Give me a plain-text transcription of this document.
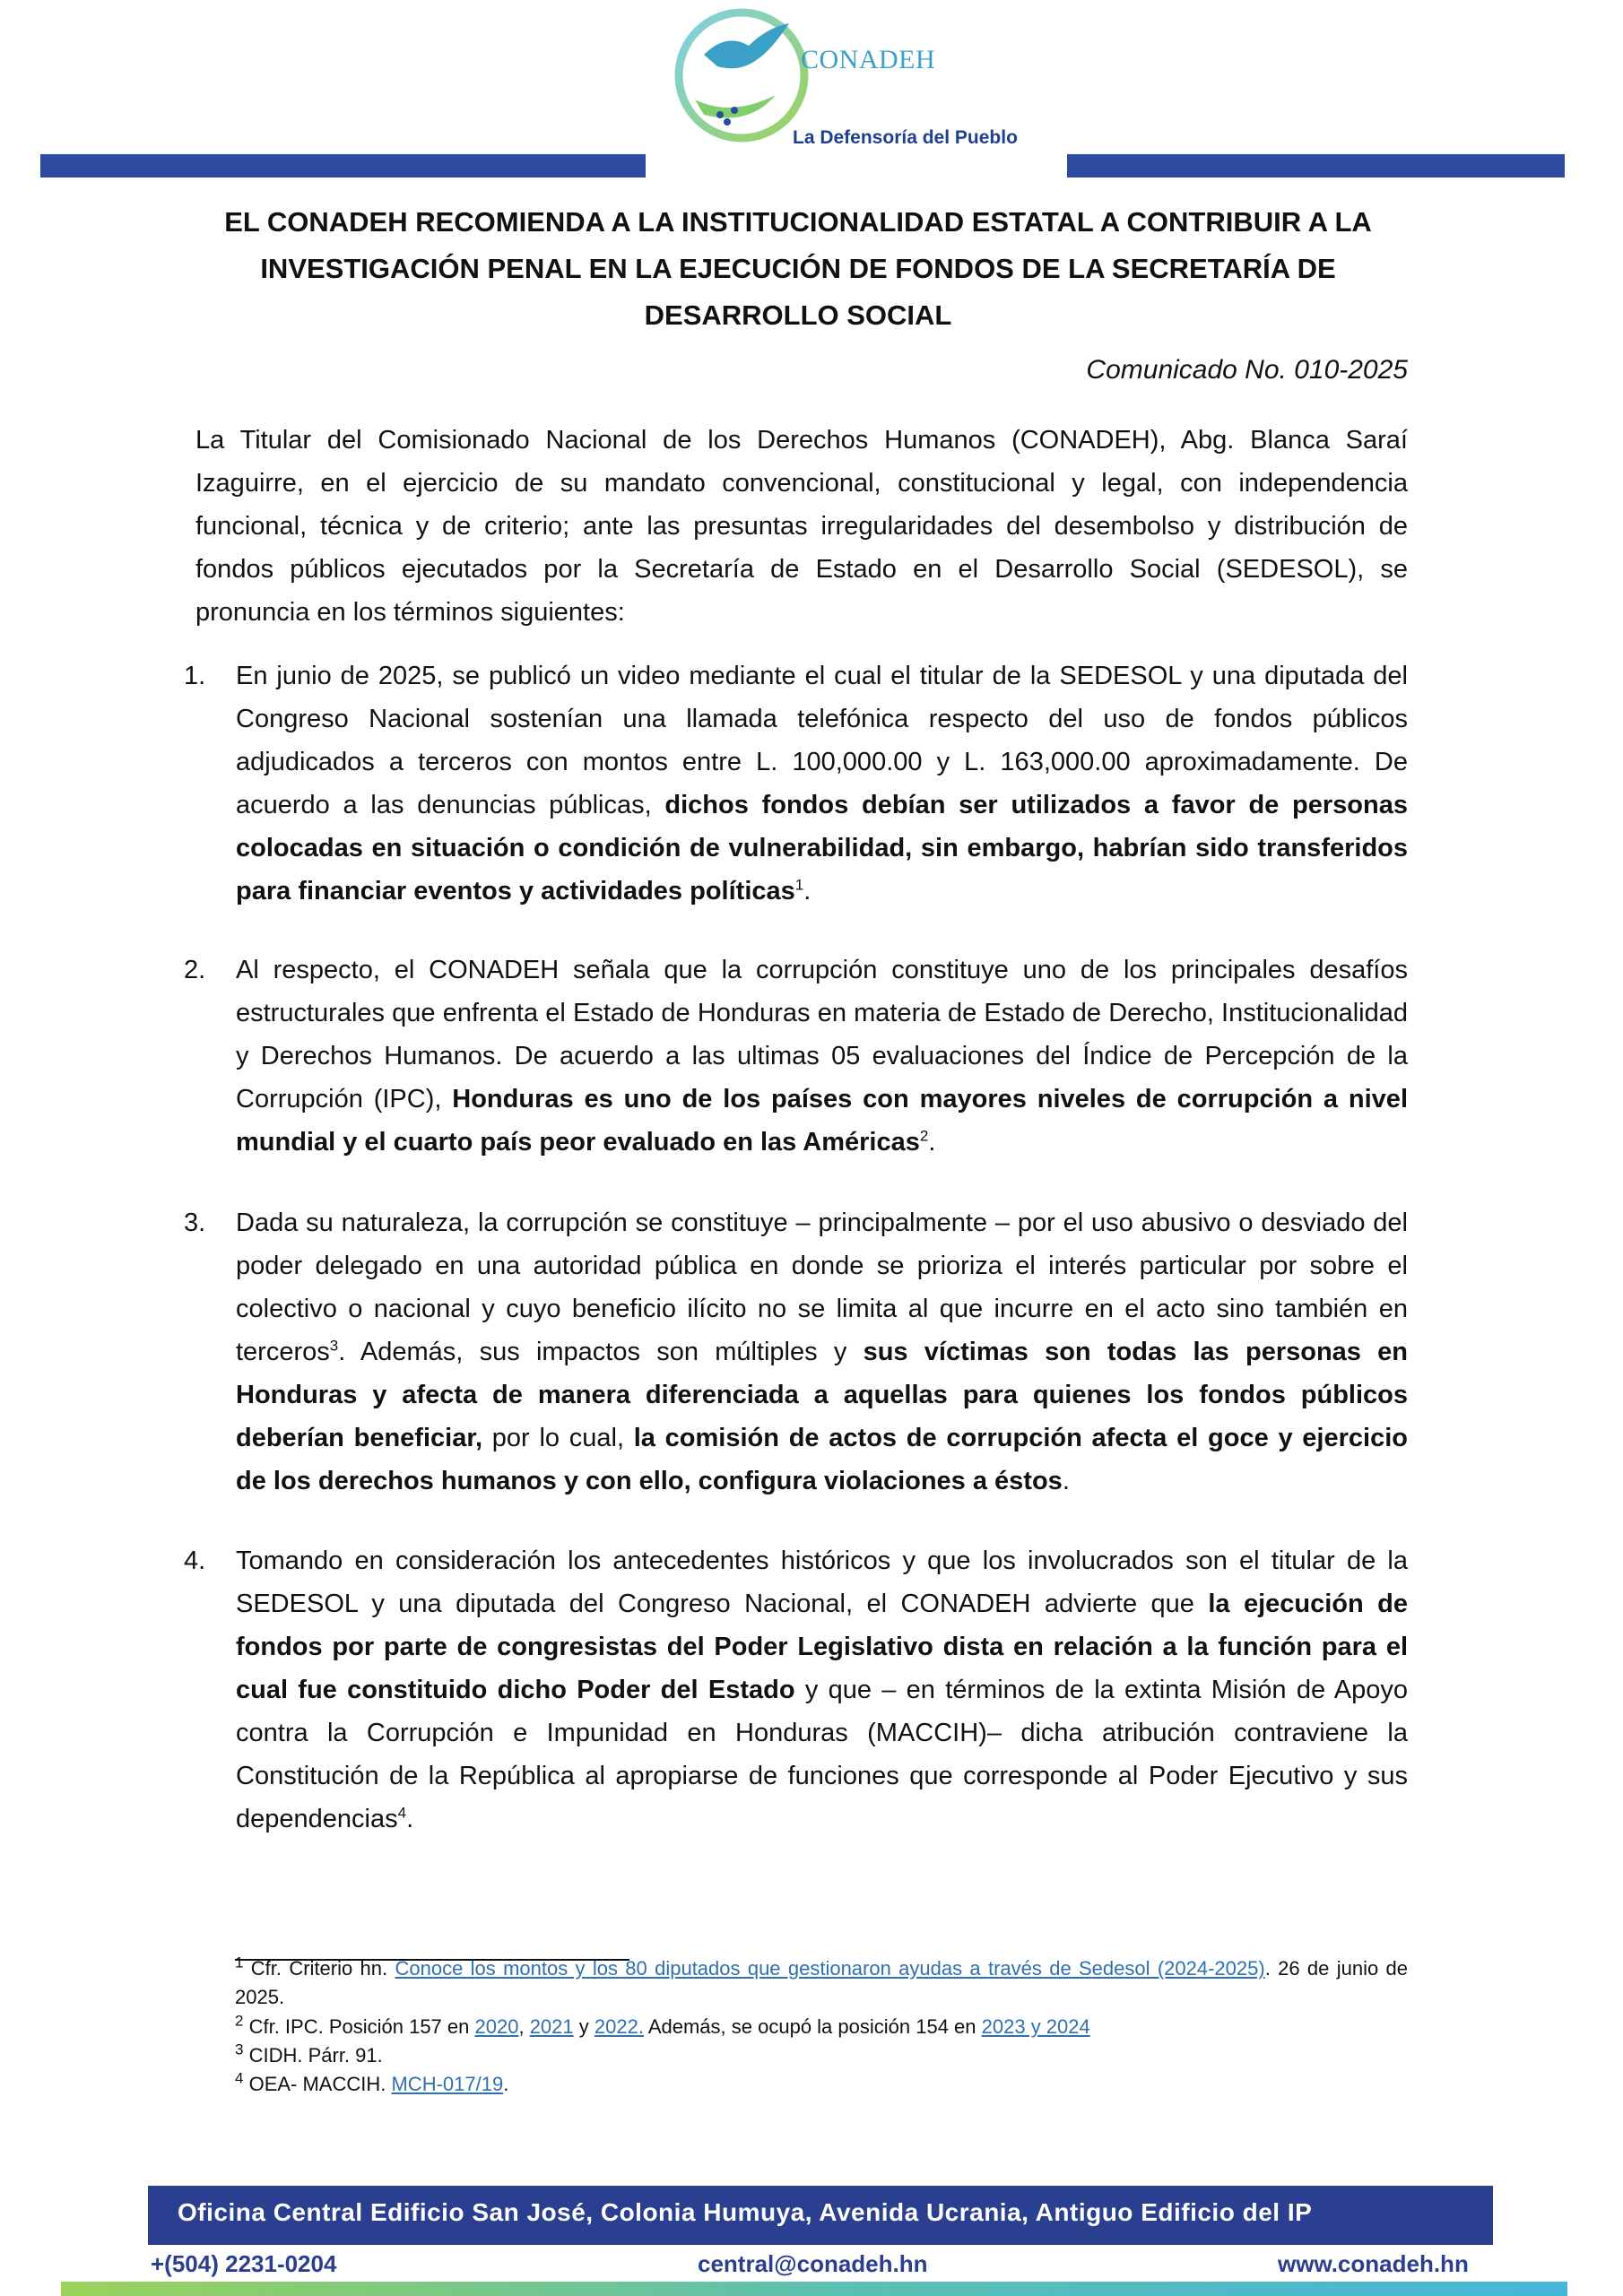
CONADEH
La Defensoría del Pueblo
EL CONADEH RECOMIENDA A LA INSTITUCIONALIDAD ESTATAL A CONTRIBUIR A LA INVESTIGACIÓN PENAL EN LA EJECUCIÓN DE FONDOS DE LA SECRETARÍA DE DESARROLLO SOCIAL
Comunicado No. 010-2025
La Titular del Comisionado Nacional de los Derechos Humanos (CONADEH), Abg. Blanca Saraí Izaguirre, en el ejercicio de su mandato convencional, constitucional y legal, con independencia funcional, técnica y de criterio; ante las presuntas irregularidades del desembolso y distribución de fondos públicos ejecutados por la Secretaría de Estado en el Desarrollo Social (SEDESOL), se pronuncia en los términos siguientes:
1.	En junio de 2025, se publicó un video mediante el cual el titular de la SEDESOL y una diputada del Congreso Nacional sostenían una llamada telefónica respecto del uso de fondos públicos adjudicados a terceros con montos entre L. 100,000.00 y L. 163,000.00 aproximadamente. De acuerdo a las denuncias públicas, dichos fondos debían ser utilizados a favor de personas colocadas en situación o condición de vulnerabilidad, sin embargo, habrían sido transferidos para financiar eventos y actividades políticas$^1$.
2.	Al respecto, el CONADEH señala que la corrupción constituye uno de los principales desafíos estructurales que enfrenta el Estado de Honduras en materia de Estado de Derecho, Institucionalidad y Derechos Humanos. De acuerdo a las ultimas 05 evaluaciones del Índice de Percepción de la Corrupción (IPC), Honduras es uno de los países con mayores niveles de corrupción a nivel mundial y el cuarto país peor evaluado en las Américas$^2$.
3.	Dada su naturaleza, la corrupción se constituye – principalmente – por el uso abusivo o desviado del poder delegado en una autoridad pública en donde se prioriza el interés particular por sobre el colectivo o nacional y cuyo beneficio ilícito no se limita al que incurre en el acto sino también en terceros$^3$. Además, sus impactos son múltiples y sus víctimas son todas las personas en Honduras y afecta de manera diferenciada a aquellas para quienes los fondos públicos deberían beneficiar, por lo cual, la comisión de actos de corrupción afecta el goce y ejercicio de los derechos humanos y con ello, configura violaciones a éstos.
4.	Tomando en consideración los antecedentes históricos y que los involucrados son el titular de la SEDESOL y una diputada del Congreso Nacional, el CONADEH advierte que la ejecución de fondos por parte de congresistas del Poder Legislativo dista en relación a la función para el cual fue constituido dicho Poder del Estado y que – en términos de la extinta Misión de Apoyo contra la Corrupción e Impunidad en Honduras (MACCIH)– dicha atribución contraviene la Constitución de la República al apropiarse de funciones que corresponde al Poder Ejecutivo y sus dependencias$^4$.
$^1$ Cfr. Criterio hn. Conoce los montos y los 80 diputados que gestionaron ayudas a través de Sedesol (2024-2025). 26 de junio de 2025.
$^2$ Cfr. IPC. Posición 157 en 2020, 2021 y 2022. Además, se ocupó la posición 154 en 2023 y 2024
$^3$ CIDH. Párr. 91.
$^4$ OEA- MACCIH. MCH-017/19.
Oficina Central Edificio San José, Colonia Humuya, Avenida Ucrania, Antiguo Edificio del IP
+(504) 2231-0204	central@conadeh.hn	www.conadeh.hn
